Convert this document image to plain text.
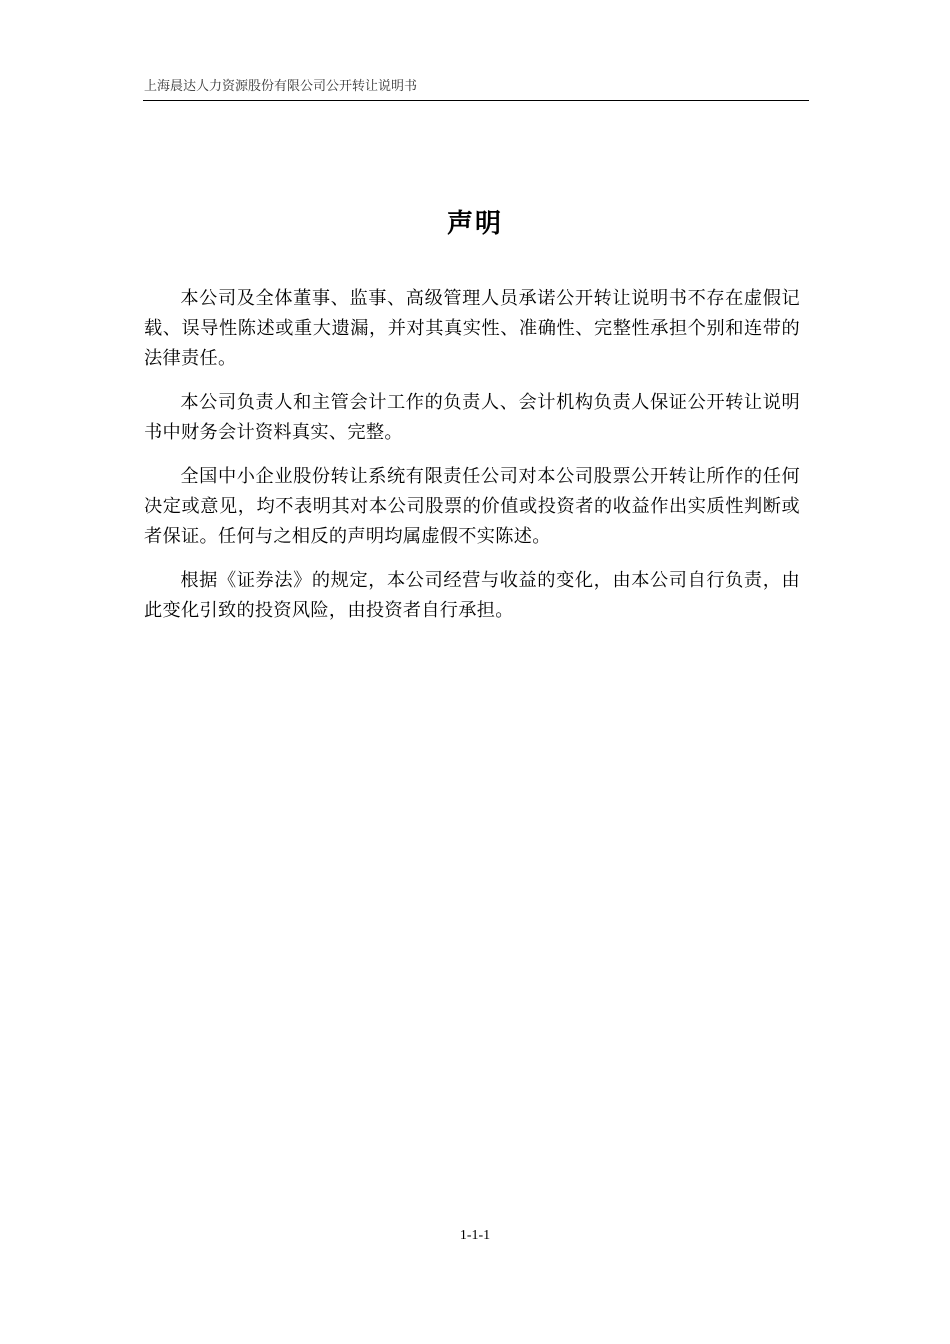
上海晨达人力资源股份有限公司公开转让说明书
声明

本公司及全体董事、监事、高级管理人员承诺公开转让说明书不存在虚假记载、误导性陈述或重大遗漏，并对其真实性、准确性、完整性承担个别和连带的法律责任。

本公司负责人和主管会计工作的负责人、会计机构负责人保证公开转让说明书中财务会计资料真实、完整。

全国中小企业股份转让系统有限责任公司对本公司股票公开转让所作的任何决定或意见，均不表明其对本公司股票的价值或投资者的收益作出实质性判断或者保证。任何与之相反的声明均属虚假不实陈述。

根据《证券法》的规定，本公司经营与收益的变化，由本公司自行负责，由此变化引致的投资风险，由投资者自行承担。

1-1-1
